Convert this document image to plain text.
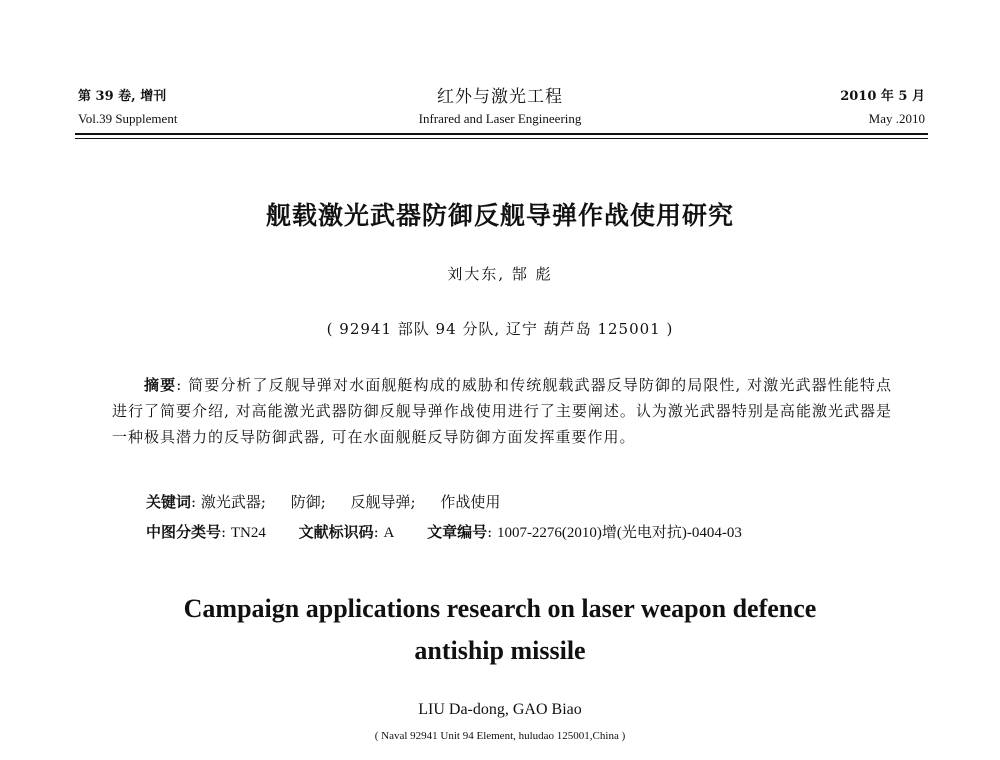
第 39 卷, 增刊
Vol.39 Supplement
红外与激光工程
Infrared and Laser Engineering
2010 年 5 月
May .2010
舰载激光武器防御反舰导弹作战使用研究
刘大东, 郜 彪
( 92941 部队 94 分队, 辽宁 葫芦岛 125001 )
摘要: 简要分析了反舰导弹对水面舰艇构成的威胁和传统舰载武器反导防御的局限性, 对激光武器性能特点进行了简要介绍, 对高能激光武器防御反舰导弹作战使用进行了主要阐述。认为激光武器特别是高能激光武器是一种极具潜力的反导防御武器, 可在水面舰艇反导防御方面发挥重要作用。
关键词: 激光武器; 防御; 反舰导弹; 作战使用
中图分类号: TN24 文献标识码: A 文章编号: 1007-2276(2010)增(光电对抗)-0404-03
Campaign applications research on laser weapon defence
antiship missile
LIU Da-dong, GAO Biao
( Naval 92941 Unit 94 Element, huludao 125001,China )
